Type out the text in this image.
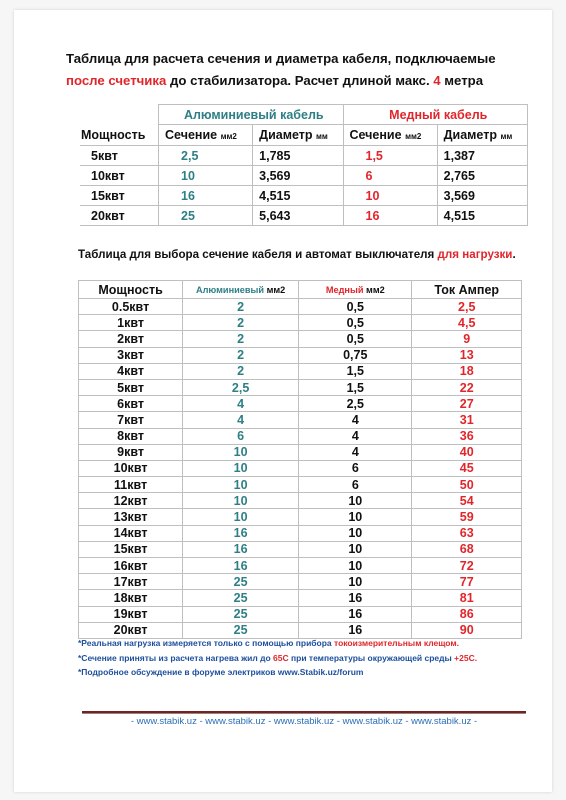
Таблица для расчета сечения и диаметра кабеля, подключаемые
после счетчика до стабилизатора. Расчет длиной макс. 4 метра
	Алюминиевый кабель		Медный кабель	
Мощность	Сечение мм2	Диаметр мм	Сечение мм2	Диаметр мм
5квт	2,5	1,785	1,5	1,387
10квт	10	3,569	6	2,765
15квт	16	4,515	10	3,569
20квт	25	5,643	16	4,515
Таблица для выбора сечение кабеля и автомат выключателя для нагрузки.
Мощность	Алюминиевый мм2	Медный мм2	Ток Ампер
0.5квт	2	0,5	2,5
1квт	2	0,5	4,5
2квт	2	0,5	9
3квт	2	0,75	13
4квт	2	1,5	18
5квт	2,5	1,5	22
6квт	4	2,5	27
7квт	4	4	31
8квт	6	4	36
9квт	10	4	40
10квт	10	6	45
11квт	10	6	50
12квт	10	10	54
13квт	10	10	59
14квт	16	10	63
15квт	16	10	68
16квт	16	10	72
17квт	25	10	77
18квт	25	16	81
19квт	25	16	86
20квт	25	16	90
*Реальная нагрузка измеряется только с помощью прибора токоизмерительным клещом.
*Сечение приняты из расчета нагрева жил до 65С при температуры окружающей среды +25С.
*Подробное обсуждение в форуме электриков www.Stabik.uz/forum
- www.stabik.uz - www.stabik.uz - www.stabik.uz - www.stabik.uz - www.stabik.uz -
